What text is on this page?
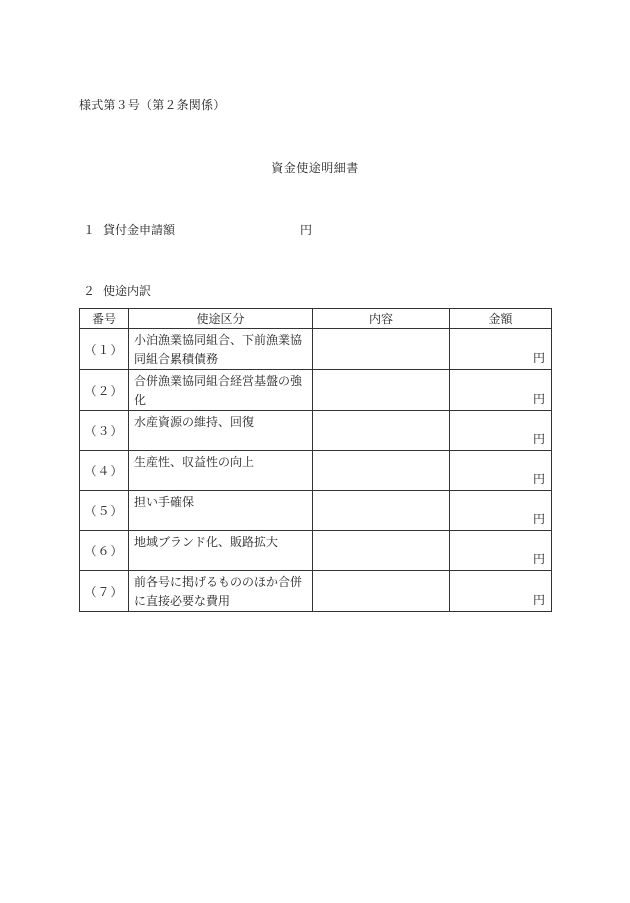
様式第３号（第２条関係）
資金使途明細書
１ 貸付金申請額	円
２ 使途内訳
番号	使途区分	内容	金額
（１）	小泊漁業協同組合、下前漁業協同組合累積債務		円
（２）	合併漁業協同組合経営基盤の強化		円
（３）	水産資源の維持、回復		円
（４）	生産性、収益性の向上		円
（５）	担い手確保		円
（６）	地域ブランド化、販路拡大		円
（７）	前各号に掲げるもののほか合併に直接必要な費用		円
